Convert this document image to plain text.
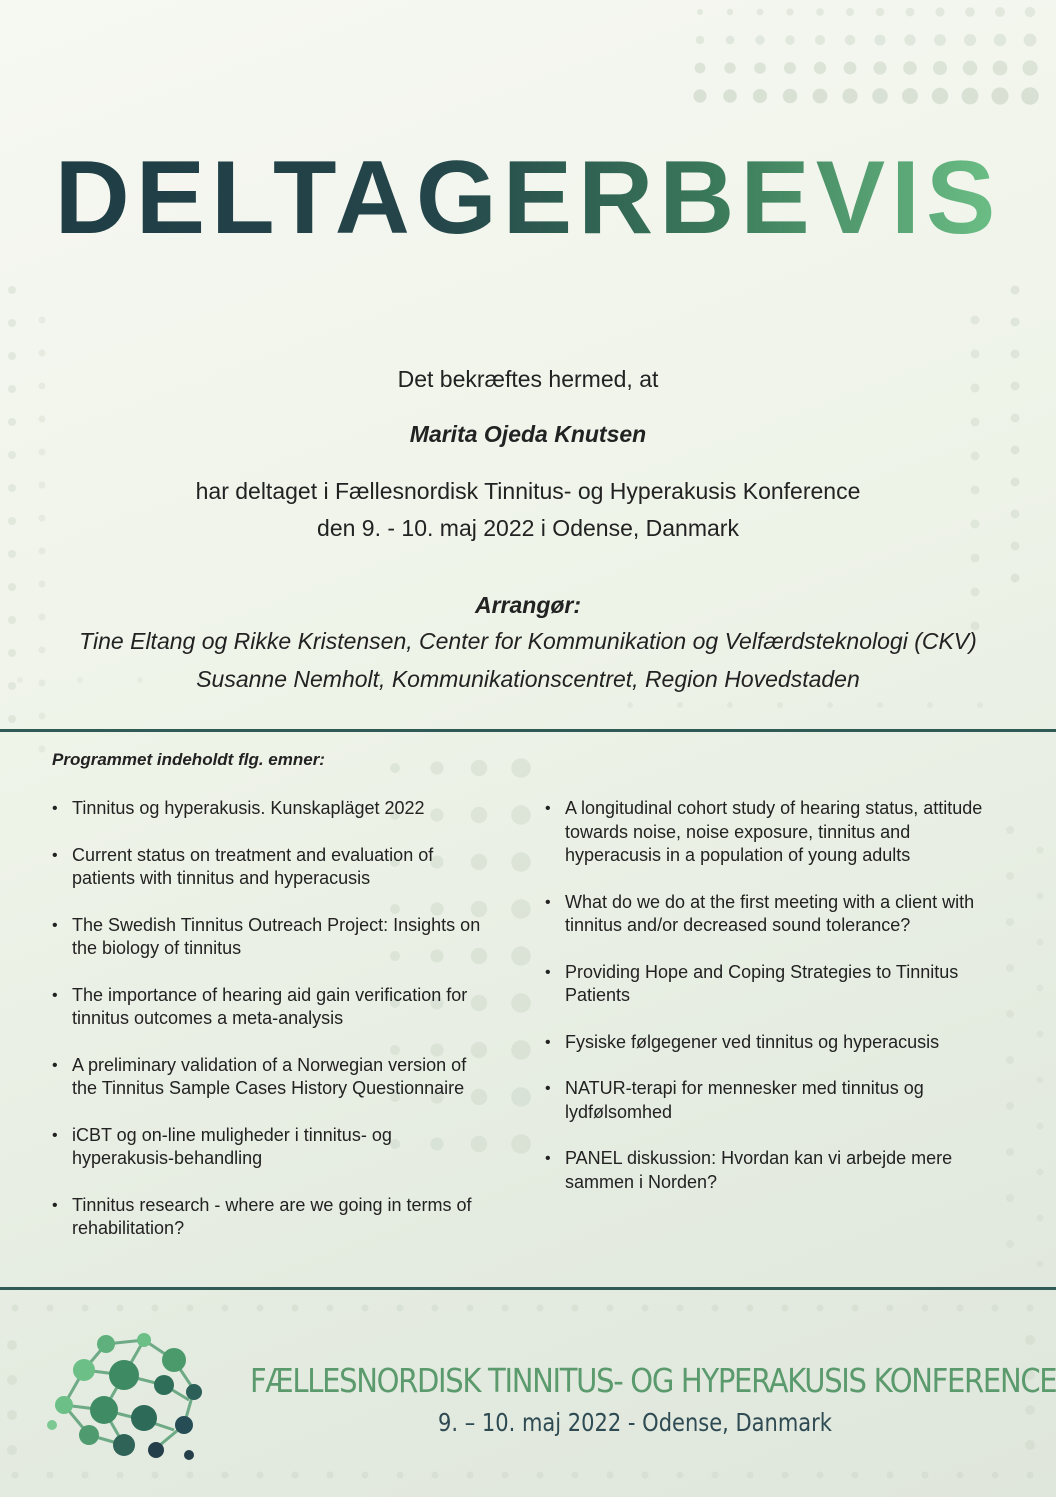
DELTAGERBEVIS
Det bekræftes hermed, at
Marita Ojeda Knutsen
har deltaget i Fællesnordisk Tinnitus- og Hyperakusis Konference
den 9. - 10. maj 2022 i Odense, Danmark
Arrangør:
Tine Eltang og Rikke Kristensen, Center for Kommunikation og Velfærdsteknologi (CKV)
Susanne Nemholt, Kommunikationscentret, Region Hovedstaden
Programmet indeholdt flg. emner:
• Tinnitus og hyperakusis. Kunskapläget 2022
• Current status on treatment and evaluation of patients with tinnitus and hyperacusis
• The Swedish Tinnitus Outreach Project: Insights on the biology of tinnitus
• The importance of hearing aid gain verification for tinnitus outcomes a meta-analysis
• A preliminary validation of a Norwegian version of the Tinnitus Sample Cases History Questionnaire
• iCBT og on-line muligheder i tinnitus- og hyperakusis-behandling
• Tinnitus research - where are we going in terms of rehabilitation?
• A longitudinal cohort study of hearing status, attitude towards noise, noise exposure, tinnitus and hyperacusis in a population of young adults
• What do we do at the first meeting with a client with tinnitus and/or decreased sound tolerance?
• Providing Hope and Coping Strategies to Tinnitus Patients
• Fysiske følgegener ved tinnitus og hyperacusis
• NATUR-terapi for mennesker med tinnitus og lydfølsomhed
• PANEL diskussion: Hvordan kan vi arbejde mere sammen i Norden?
FÆLLESNORDISK TINNITUS- OG HYPERAKUSIS KONFERENCE
9. – 10. maj 2022 - Odense, Danmark
